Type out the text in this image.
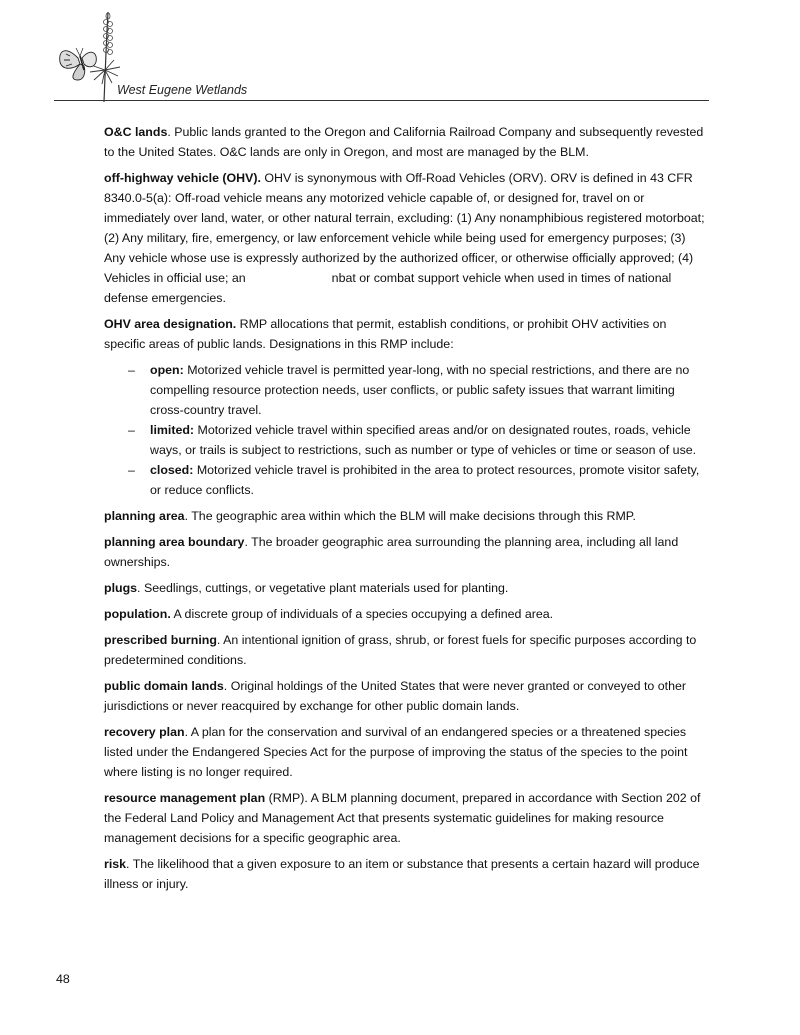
West Eugene Wetlands

O&C lands. Public lands granted to the Oregon and California Railroad Company and subsequently revested to the United States. O&C lands are only in Oregon, and most are managed by the BLM.

off-highway vehicle (OHV). OHV is synonymous with Off-Road Vehicles (ORV). ORV is defined in 43 CFR 8340.0-5(a): Off-road vehicle means any motorized vehicle capable of, or designed for, travel on or immediately over land, water, or other natural terrain, excluding: (1) Any nonamphibious registered motorboat; (2) Any military, fire, emergency, or law enforcement vehicle while being used for emergency purposes; (3) Any vehicle whose use is expressly authorized by the authorized officer, or otherwise officially approved; (4) Vehicles in official use; an	nbat or combat support vehicle when used in times of national defense emergencies.

OHV area designation. RMP allocations that permit, establish conditions, or prohibit OHV activities on specific areas of public lands. Designations in this RMP include:

– open: Motorized vehicle travel is permitted year-long, with no special restrictions, and there are no compelling resource protection needs, user conflicts, or public safety issues that warrant limiting cross-country travel.
– limited: Motorized vehicle travel within specified areas and/or on designated routes, roads, vehicle ways, or trails is subject to restrictions, such as number or type of vehicles or time or season of use.
– closed: Motorized vehicle travel is prohibited in the area to protect resources, promote visitor safety, or reduce conflicts.

planning area. The geographic area within which the BLM will make decisions through this RMP.

planning area boundary. The broader geographic area surrounding the planning area, including all land ownerships.

plugs. Seedlings, cuttings, or vegetative plant materials used for planting.

population. A discrete group of individuals of a species occupying a defined area.

prescribed burning. An intentional ignition of grass, shrub, or forest fuels for specific purposes according to predetermined conditions.

public domain lands. Original holdings of the United States that were never granted or conveyed to other jurisdictions or never reacquired by exchange for other public domain lands.

recovery plan. A plan for the conservation and survival of an endangered species or a threatened species listed under the Endangered Species Act for the purpose of improving the status of the species to the point where listing is no longer required.

resource management plan (RMP). A BLM planning document, prepared in accordance with Section 202 of the Federal Land Policy and Management Act that presents systematic guidelines for making resource management decisions for a specific geographic area.

risk. The likelihood that a given exposure to an item or substance that presents a certain hazard will produce illness or injury.

48
